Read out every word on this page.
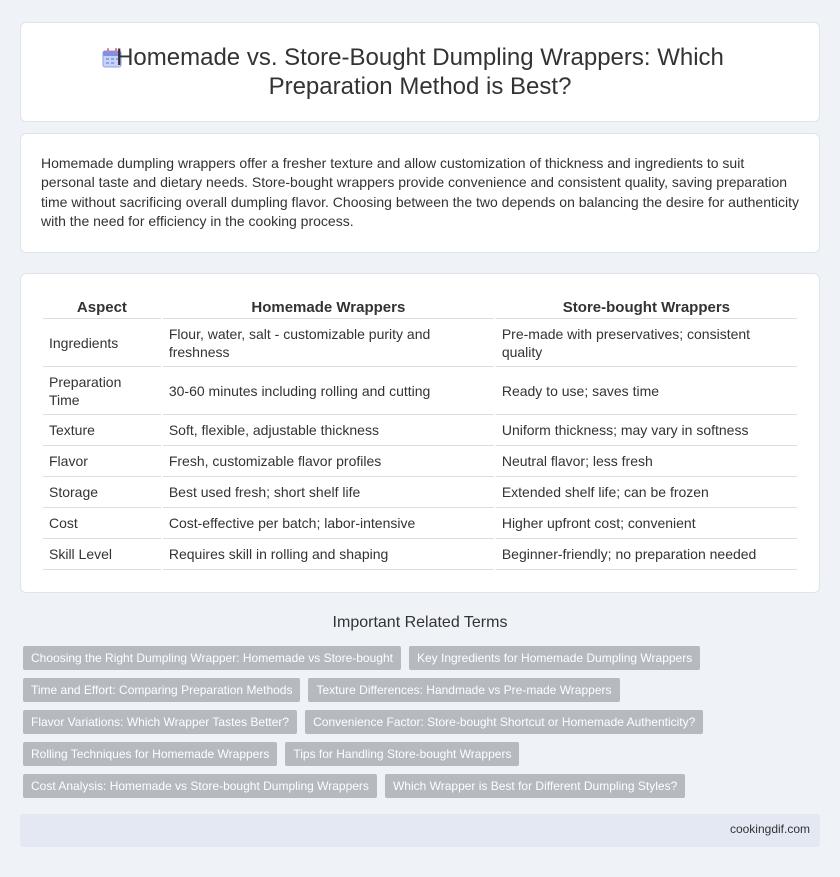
Homemade vs. Store-Bought Dumpling Wrappers: Which
Preparation Method is Best?

Homemade dumpling wrappers offer a fresher texture and allow customization of thickness and ingredients to suit personal taste and dietary needs. Store-bought wrappers provide convenience and consistent quality, saving preparation time without sacrificing overall dumpling flavor. Choosing between the two depends on balancing the desire for authenticity with the need for efficiency in the cooking process.

Aspect	Homemade Wrappers	Store-bought Wrappers
Ingredients	Flour, water, salt - customizable purity and freshness	Pre-made with preservatives; consistent quality
Preparation Time	30-60 minutes including rolling and cutting	Ready to use; saves time
Texture	Soft, flexible, adjustable thickness	Uniform thickness; may vary in softness
Flavor	Fresh, customizable flavor profiles	Neutral flavor; less fresh
Storage	Best used fresh; short shelf life	Extended shelf life; can be frozen
Cost	Cost-effective per batch; labor-intensive	Higher upfront cost; convenient
Skill Level	Requires skill in rolling and shaping	Beginner-friendly; no preparation needed
Important Related Terms
Choosing the Right Dumpling Wrapper: Homemade vs Store-bought	Key Ingredients for Homemade Dumpling Wrappers
Time and Effort: Comparing Preparation Methods	Texture Differences: Handmade vs Pre-made Wrappers
Flavor Variations: Which Wrapper Tastes Better?	Convenience Factor: Store-bought Shortcut or Homemade Authenticity?
Rolling Techniques for Homemade Wrappers	Tips for Handling Store-bought Wrappers
Cost Analysis: Homemade vs Store-bought Dumpling Wrappers	Which Wrapper is Best for Different Dumpling Styles?
cookingdif.com
